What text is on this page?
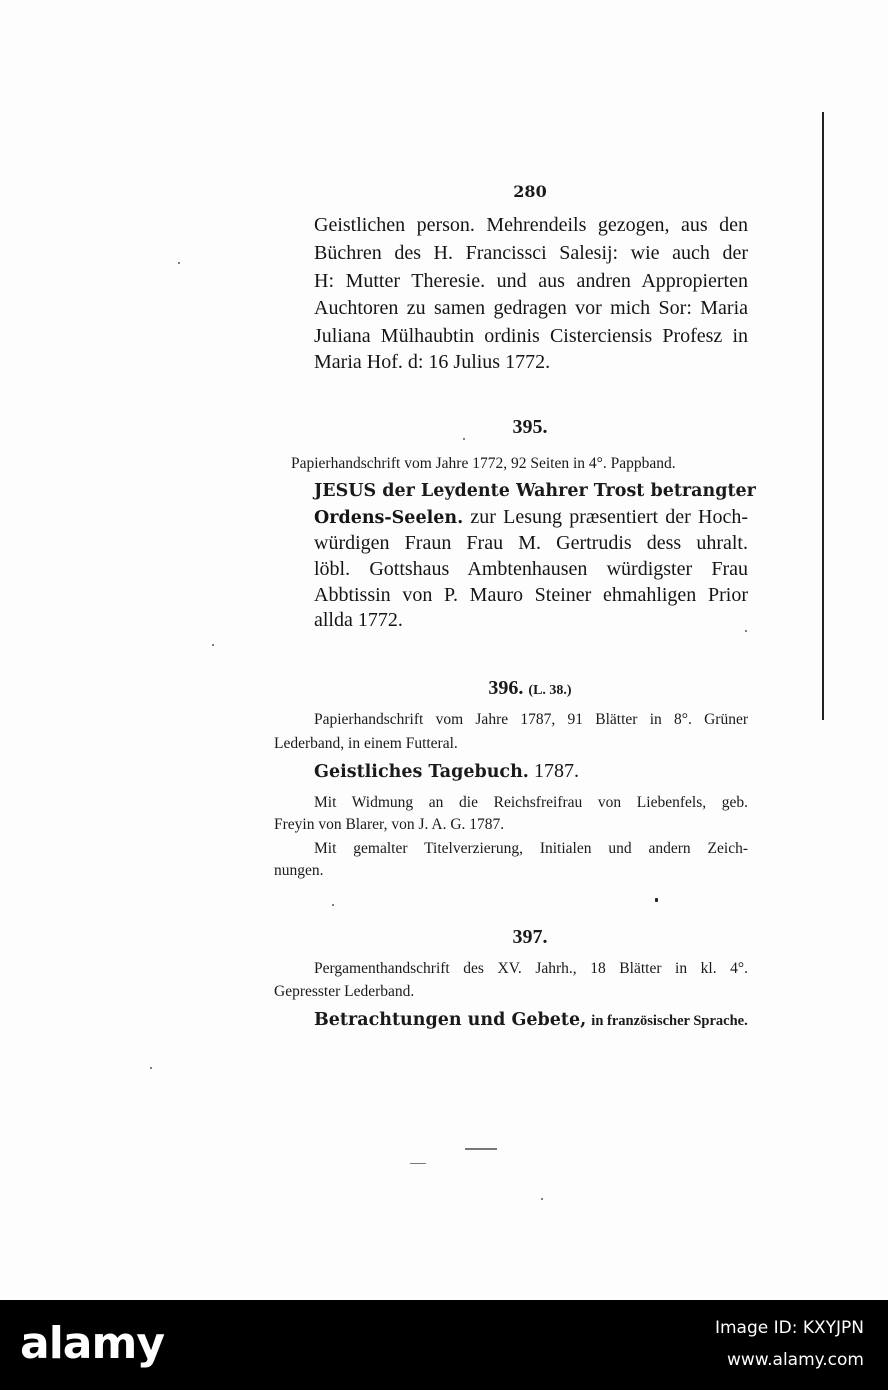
280

Geistlichen person. Mehrendeils gezogen, aus den

Büchren des H. Francissci Salesij: wie auch der

H: Mutter Theresie. und aus andren Appropierten

Auchtoren zu samen gedragen vor mich Sor: Maria

Juliana Mülhaubtin ordinis Cisterciensis Profesz in

Maria Hof. d: 16 Julius 1772.

395.

Papierhandschrift vom Jahre 1772, 92 Seiten in 4°. Pappband.

JESUS der Leydente Wahrer Trost betrangter

Ordens-Seelen. zur Lesung præsentiert der Hoch-

würdigen Fraun Frau M. Gertrudis dess uhralt.

löbl. Gottshaus Ambtenhausen würdigster Frau

Abbtissin von P. Mauro Steiner ehmahligen Prior

allda 1772.

396. (L. 38.)

Papierhandschrift vom Jahre 1787, 91 Blätter in 8°. Grüner

Lederband, in einem Futteral.

Geistliches Tagebuch. 1787.

Mit Widmung an die Reichsfreifrau von Liebenfels, geb.

Freyin von Blarer, von J. A. G. 1787.

Mit gemalter Titelverzierung, Initialen und andern Zeich-

nungen.

397.

Pergamenthandschrift des XV. Jahrh., 18 Blätter in kl. 4°.

Gepresster Lederband.

Betrachtungen und Gebete, in französischer Sprache.

alamy	Image ID: KXYJPN
www.alamy.com
